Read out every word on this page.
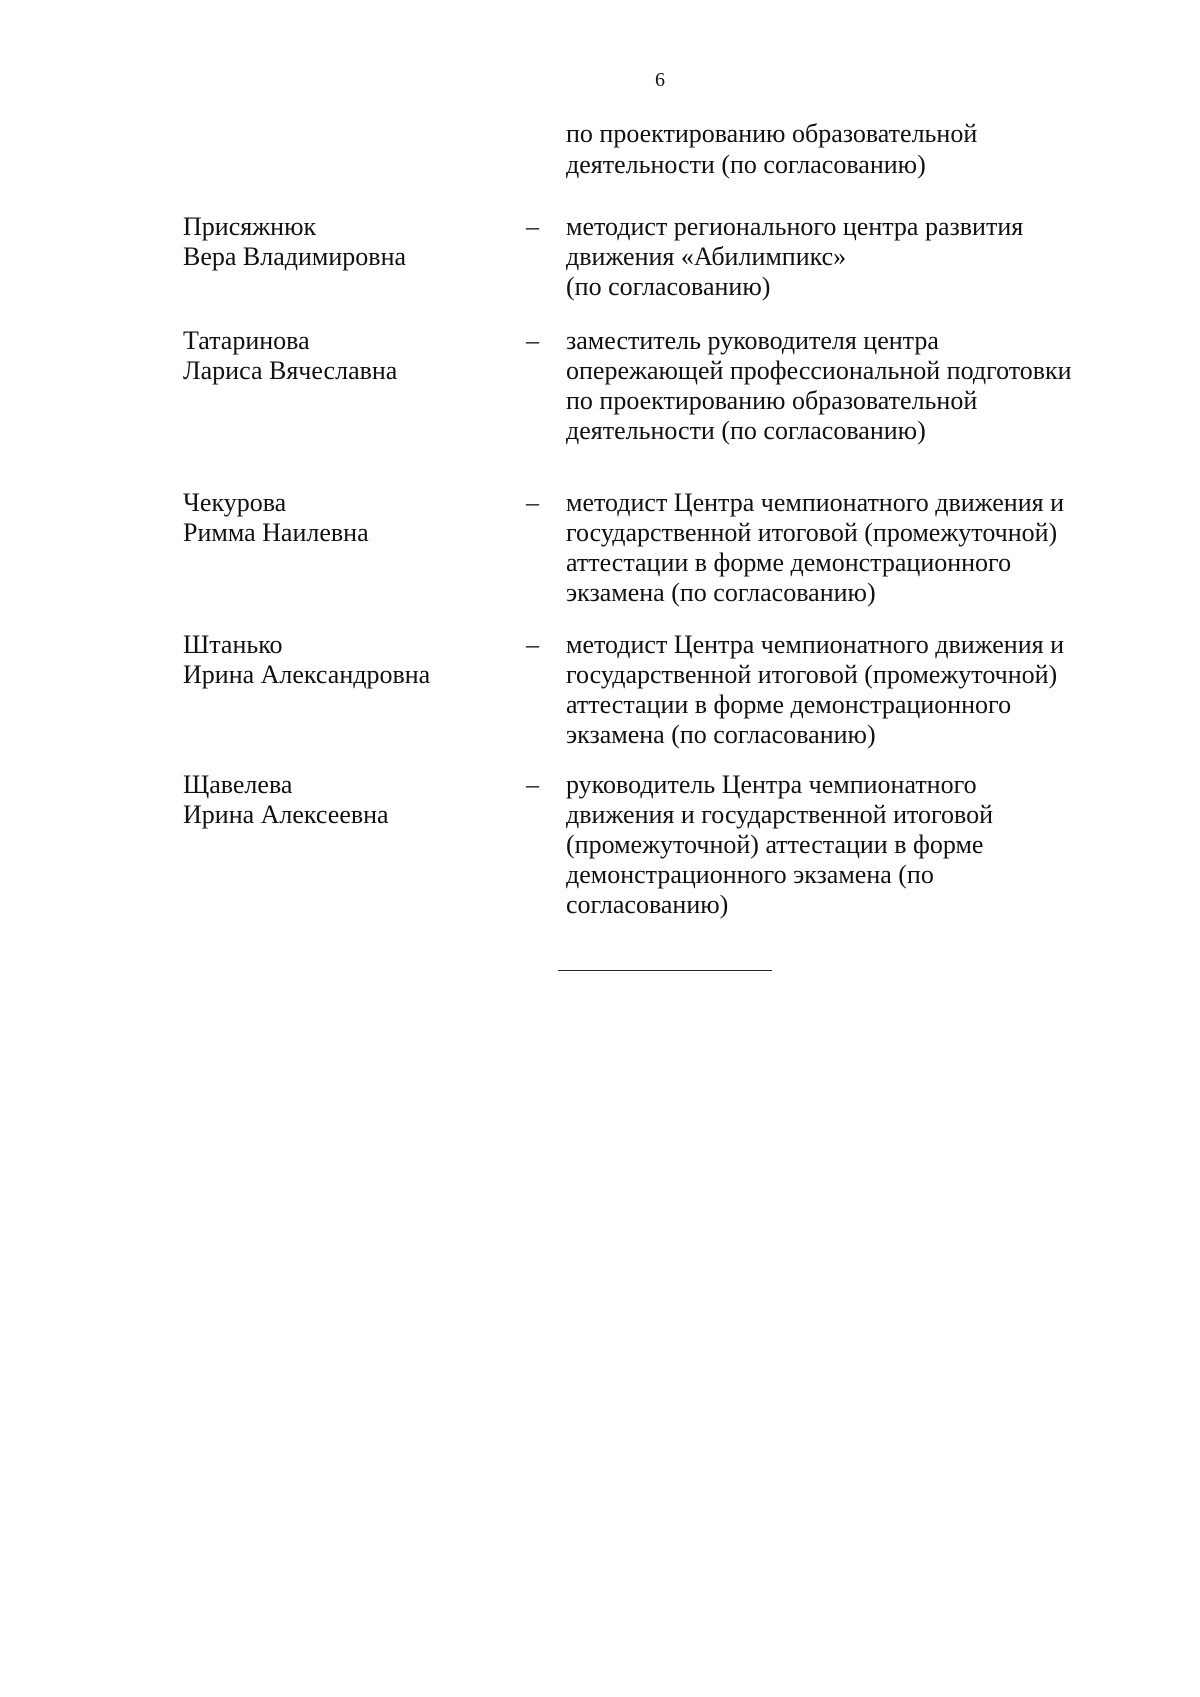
6
по проектированию образовательной
деятельности (по согласованию)
Присяжнюк
Вера Владимировна
– методист регионального центра развития
движения «Абилимпикс»
(по согласованию)
Татаринова
Лариса Вячеславна
– заместитель руководителя центра
опережающей профессиональной подготовки
по проектированию образовательной
деятельности (по согласованию)
Чекурова
Римма Наилевна
– методист Центра чемпионатного движения и
государственной итоговой (промежуточной)
аттестации в форме демонстрационного
экзамена (по согласованию)
Штанько
Ирина Александровна
– методист Центра чемпионатного движения и
государственной итоговой (промежуточной)
аттестации в форме демонстрационного
экзамена (по согласованию)
Щавелева
Ирина Алексеевна
– руководитель Центра чемпионатного
движения и государственной итоговой
(промежуточной) аттестации в форме
демонстрационного экзамена (по
согласованию)
